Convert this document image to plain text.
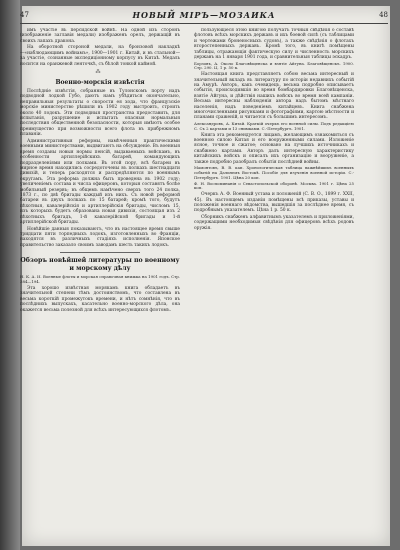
47	НОВЫЙ МІРЪ—МОЗАИКА	48

имъ участіе въ персидской войнѣ. На одной изъ сторонъ (изображеніе заглавія медали) изображенъ орелъ, держащій въ своихъ лапахъ дракона.

На оборотной стороной медали, на бронзовой накладкѣ—«наблюдающимъ войнамъ», 1900—1901 г. Китай, и въ стальной—за участіе, сознанные экспедиціонному корпусу въ Китаѣ. Медаль носится на оранжевой ленточкѣ, съ бѣлой тонкой каймой.

⁂
Военно-морскія извѣстія

Послѣдніе извѣстія, собранные въ Тулонскомъ порту надъ подводной лодкой Губо, даютъ намъ убѣдиться окончательно, неправильныя результаты о скорости ея хода, что французскіе морскіе министерство рѣшили въ 1902 году выстроить, строить около 40 лодокъ. Эти подводныя пространства предоставить, для испытанія, разрушение и испытать опасныя нормальныя последствия общественной безопасности, которыя имѣютъ особое преимущество при возможности всего флота въ прибрежномъ плаваніи.

Административныя реформы, намѣченныя практическими военными министерствами, выдвигаютъ на обсужденіе. Въ военныя время созданы новыя нормы пенсій, выдаваемыхъ войскамъ, въ особенности артиллерійскихъ батарей, командующихъ подразделеніями или полками. Въ этой пору, всѣ батареи въ мирное время находились сосредоточены въ полкахъ шестнадцати дивизій, и теперь расходятся и распредѣляются по военнымъ округамъ. Эта реформа должна быть проведена въ 1902 году; увеличеніемъ состава и числа офицеровъ, которыя составятъ болѣе мобильный резервъ; въ общемъ намѣчено сверхъ того 24 полка, 1873 г., по двѣ бригады каждый изъ нихъ. Съ новой реформой батареи въ двухъ полкахъ по 15 батарей; кромѣ того, будутъ пѣхотныя, кавалерійскія и артиллерійскія бригады, числомъ 15, изъ которыхъ будетъ образована новая дивизія, состоящая изъ 2 пѣхотныхъ бригадъ, 1-й кавалерійской бригады и 1-й артиллерійской бригады.

Новѣйшіе данныя показываютъ, что въ настоящее время свыше тридцати пяти торпедныхъ лодокъ, изготовленныхъ во Франціи, находятся въ различныхъ стадіяхъ исполненія. Японское правительство заказало своимъ заводамъ шесть такихъ лодокъ.

Обзоръ новѣйшей литературы по военному и морскому дѣлу

Н. К. А. И. Военные флоты и морская справочная книжка на 1901 годъ. Стр. 384—194.

Эта хорошо извѣстная морякамъ книга обладаетъ въ значительной степени тѣмъ достоинствомъ, что составлена въ весьма короткій промежутокъ времени, и нѣтъ сомнѣнія, что въ послѣднихъ выпускахъ, касательно военно-морского дѣла, она окажется весьма полезной для всѣхъ интересующихся флотомъ.

пользующіеся этою книгою получатъ точныя свѣдѣнія о составѣ флотовъ всѣхъ морскихъ державъ и ихъ боевой силѣ (съ таблицами и чертежами броненосныхъ судовъ), а также свѣдѣнія о флотахъ второстепенныхъ державъ. Кромѣ того, въ книгѣ помѣщены таблицы, отражающія фактическую силу и численность морскихъ державъ на 1 января 1901 года, и сравнительныя таблицы эскадръ.

Борзовъ, А. Около Благовѣщенска и взятіе Айгуна. Благовѣщенскъ. 1900. Стр. 290. Ц. 1 р. 50 к.

Настоящая книга представляетъ собою весьма интересный и значительный вкладъ въ литературу по исторіи недавнихъ событій на Амурѣ. Авторъ, какъ очевидецъ, весьма подробно описываетъ событія, происходившія во время бомбардировки Благовѣщенска, взятіе Айгуна, и дѣйствія нашихъ войскъ во время всей кампаніи. Весьма интересны наблюденія автора надъ бытомъ мѣстнаго населенія, надъ поведеніемъ китайцевъ. Книга снабжена многочисленными рисунками и фотографіями, картою мѣстности и планами сраженій, и читается съ большимъ интересомъ.

Александровъ, А. Китай. Краткій очеркъ его военной силы. Подъ редакціею С. Съ 2 картами и 13 снимками. С.-Петербургъ. 1901.

Книга эта рекомендуется лицамъ, желающимъ ознакомиться съ военною силою Китая и его вооруженными силами. Изложеніе ясное, точное и сжатое; основано на лучшихъ источникахъ и снабжено картами. Авторъ далъ интересную характеристику китайскихъ войскъ и описалъ ихъ организацію и вооруженіе, а также подробно разобралъ событія послѣдней войны.

Мамонтовъ, В. В. кап. Хронологическая таблица важнѣйшихъ военныхъ событій на Дальнемъ Востокѣ. Пособіе для изученія военной исторіи. С.-Петербургъ. 1901. Цѣна 20 коп.

Ф. Н. Воспоминанія о Севастопольской оборонѣ. Москва. 1901 г. Цѣна 25 коп.

Очеркъ А. Ф. Военный устава и положеній (С. В. О., 1899 г. XXII, 45). Въ настоящемъ изданіи помѣщены всѣ приказы, уставы и положенія военнаго вѣдомства, вышедшія за послѣднее время, съ подробнымъ указателемъ. Цѣна 1 р. 50 к.

Сборникъ снабженъ алфавитнымъ указателемъ и приложеніями, содержащими необходимыя свѣдѣнія для офицеровъ всѣхъ родовъ оружія.
